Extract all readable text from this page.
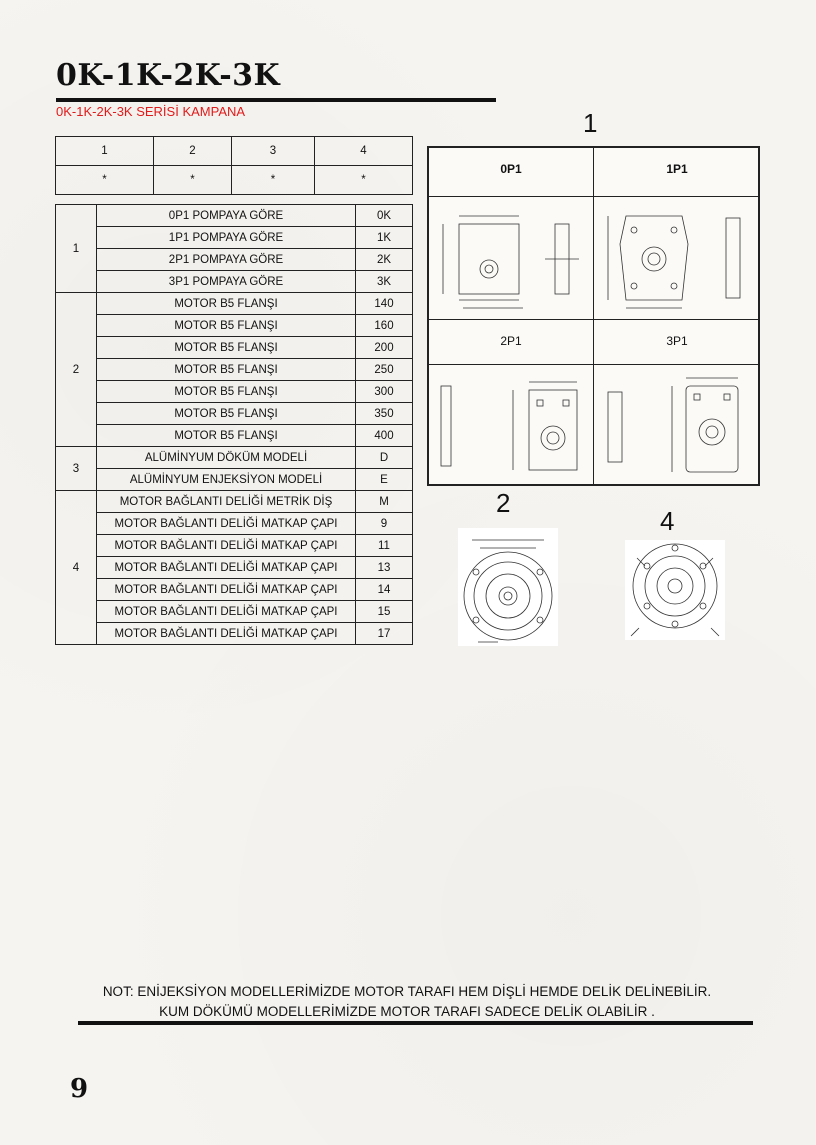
0K-1K-2K-3K
0K-1K-2K-3K SERİSİ KAMPANA
1	2	3	4
*	*	*	*
1	0P1 POMPAYA GÖRE	0K
	1P1 POMPAYA GÖRE	1K
	2P1 POMPAYA GÖRE	2K
	3P1 POMPAYA GÖRE	3K
2	MOTOR B5 FLANŞI	140
	MOTOR B5 FLANŞI	160
	MOTOR B5 FLANŞI	200
	MOTOR B5 FLANŞI	250
	MOTOR B5 FLANŞI	300
	MOTOR B5 FLANŞI	350
	MOTOR B5 FLANŞI	400
3	ALÜMİNYUM DÖKÜM MODELİ	D
	ALÜMİNYUM ENJEKSİYON MODELİ	E
4	MOTOR BAĞLANTI DELİĞİ METRİK DİŞ	M
	MOTOR BAĞLANTI DELİĞİ MATKAP ÇAPI	9
	MOTOR BAĞLANTI DELİĞİ MATKAP ÇAPI	11
	MOTOR BAĞLANTI DELİĞİ MATKAP ÇAPI	13
	MOTOR BAĞLANTI DELİĞİ MATKAP ÇAPI	14
	MOTOR BAĞLANTI DELİĞİ MATKAP ÇAPI	15
	MOTOR BAĞLANTI DELİĞİ MATKAP ÇAPI	17
1
0P1	1P1
2P1	3P1
2
4
NOT: ENİJEKSİYON MODELLERİMİZDE MOTOR TARAFI HEM DİŞLİ HEMDE DELİK DELİNEBİLİR.
KUM DÖKÜMÜ MODELLERİMİZDE MOTOR TARAFI SADECE DELİK OLABİLİR .
9
